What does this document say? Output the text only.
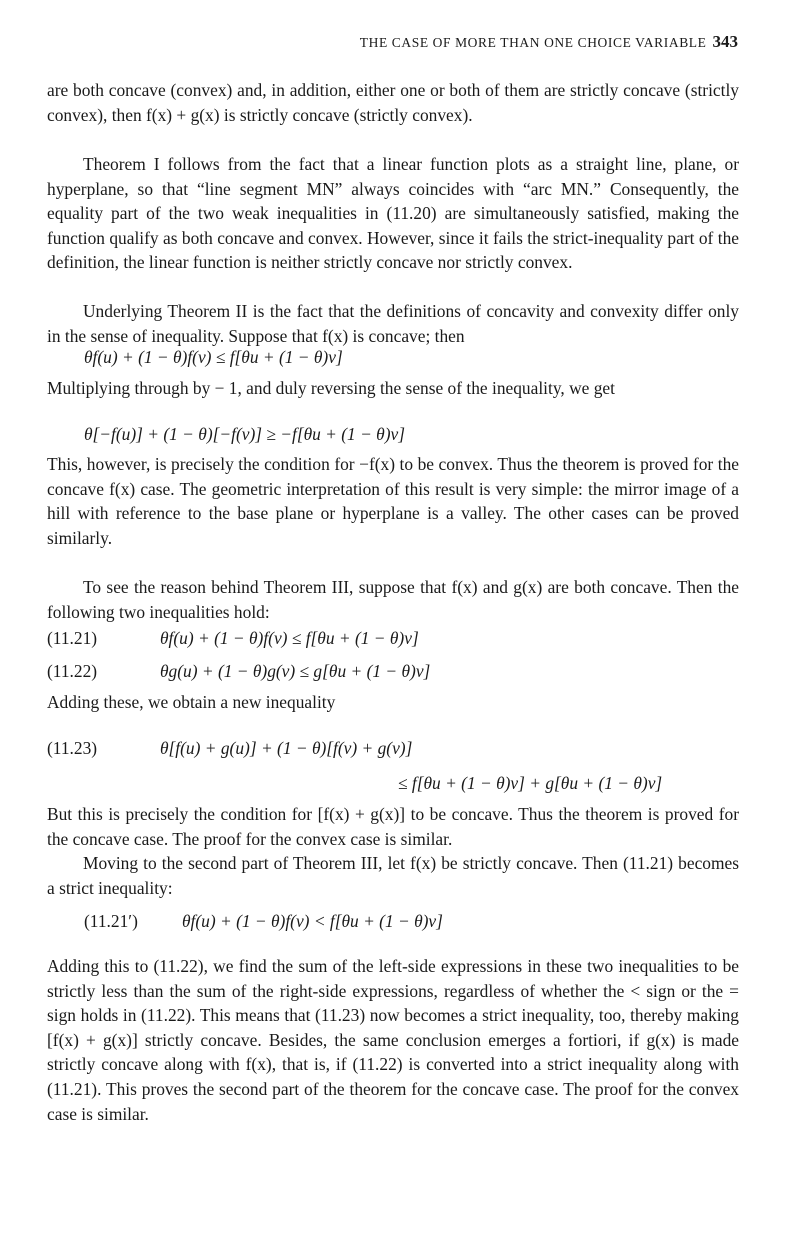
THE CASE OF MORE THAN ONE CHOICE VARIABLE 343

are both concave (convex) and, in addition, either one or both of them are strictly concave (strictly convex), then f(x) + g(x) is strictly concave (strictly convex).

Theorem I follows from the fact that a linear function plots as a straight line, plane, or hyperplane, so that “line segment MN” always coincides with “arc MN.” Consequently, the equality part of the two weak inequalities in (11.20) are simultaneously satisfied, making the function qualify as both concave and convex. However, since it fails the strict-inequality part of the definition, the linear function is neither strictly concave nor strictly convex.

Underlying Theorem II is the fact that the definitions of concavity and convexity differ only in the sense of inequality. Suppose that f(x) is concave; then

θf(u) + (1 − θ)f(v) ≤ f[θu + (1 − θ)v]

Multiplying through by − 1, and duly reversing the sense of the inequality, we get

θ[−f(u)] + (1 − θ)[−f(v)] ≥ −f[θu + (1 − θ)v]

This, however, is precisely the condition for −f(x) to be convex. Thus the theorem is proved for the concave f(x) case. The geometric interpretation of this result is very simple: the mirror image of a hill with reference to the base plane or hyperplane is a valley. The other cases can be proved similarly.

To see the reason behind Theorem III, suppose that f(x) and g(x) are both concave. Then the following two inequalities hold:

(11.21)	θf(u) + (1 − θ)f(v) ≤ f[θu + (1 − θ)v]
(11.22)	θg(u) + (1 − θ)g(v) ≤ g[θu + (1 − θ)v]

Adding these, we obtain a new inequality

(11.23)	θ[f(u) + g(u)] + (1 − θ)[f(v) + g(v)]
≤ f[θu + (1 − θ)v] + g[θu + (1 − θ)v]

But this is precisely the condition for [f(x) + g(x)] to be concave. Thus the theorem is proved for the concave case. The proof for the convex case is similar.

Moving to the second part of Theorem III, let f(x) be strictly concave. Then (11.21) becomes a strict inequality:

(11.21′)	θf(u) + (1 − θ)f(v) < f[θu + (1 − θ)v]

Adding this to (11.22), we find the sum of the left-side expressions in these two inequalities to be strictly less than the sum of the right-side expressions, regardless of whether the < sign or the = sign holds in (11.22). This means that (11.23) now becomes a strict inequality, too, thereby making [f(x) + g(x)] strictly concave. Besides, the same conclusion emerges a fortiori, if g(x) is made strictly concave along with f(x), that is, if (11.22) is converted into a strict inequality along with (11.21). This proves the second part of the theorem for the concave case. The proof for the convex case is similar.
